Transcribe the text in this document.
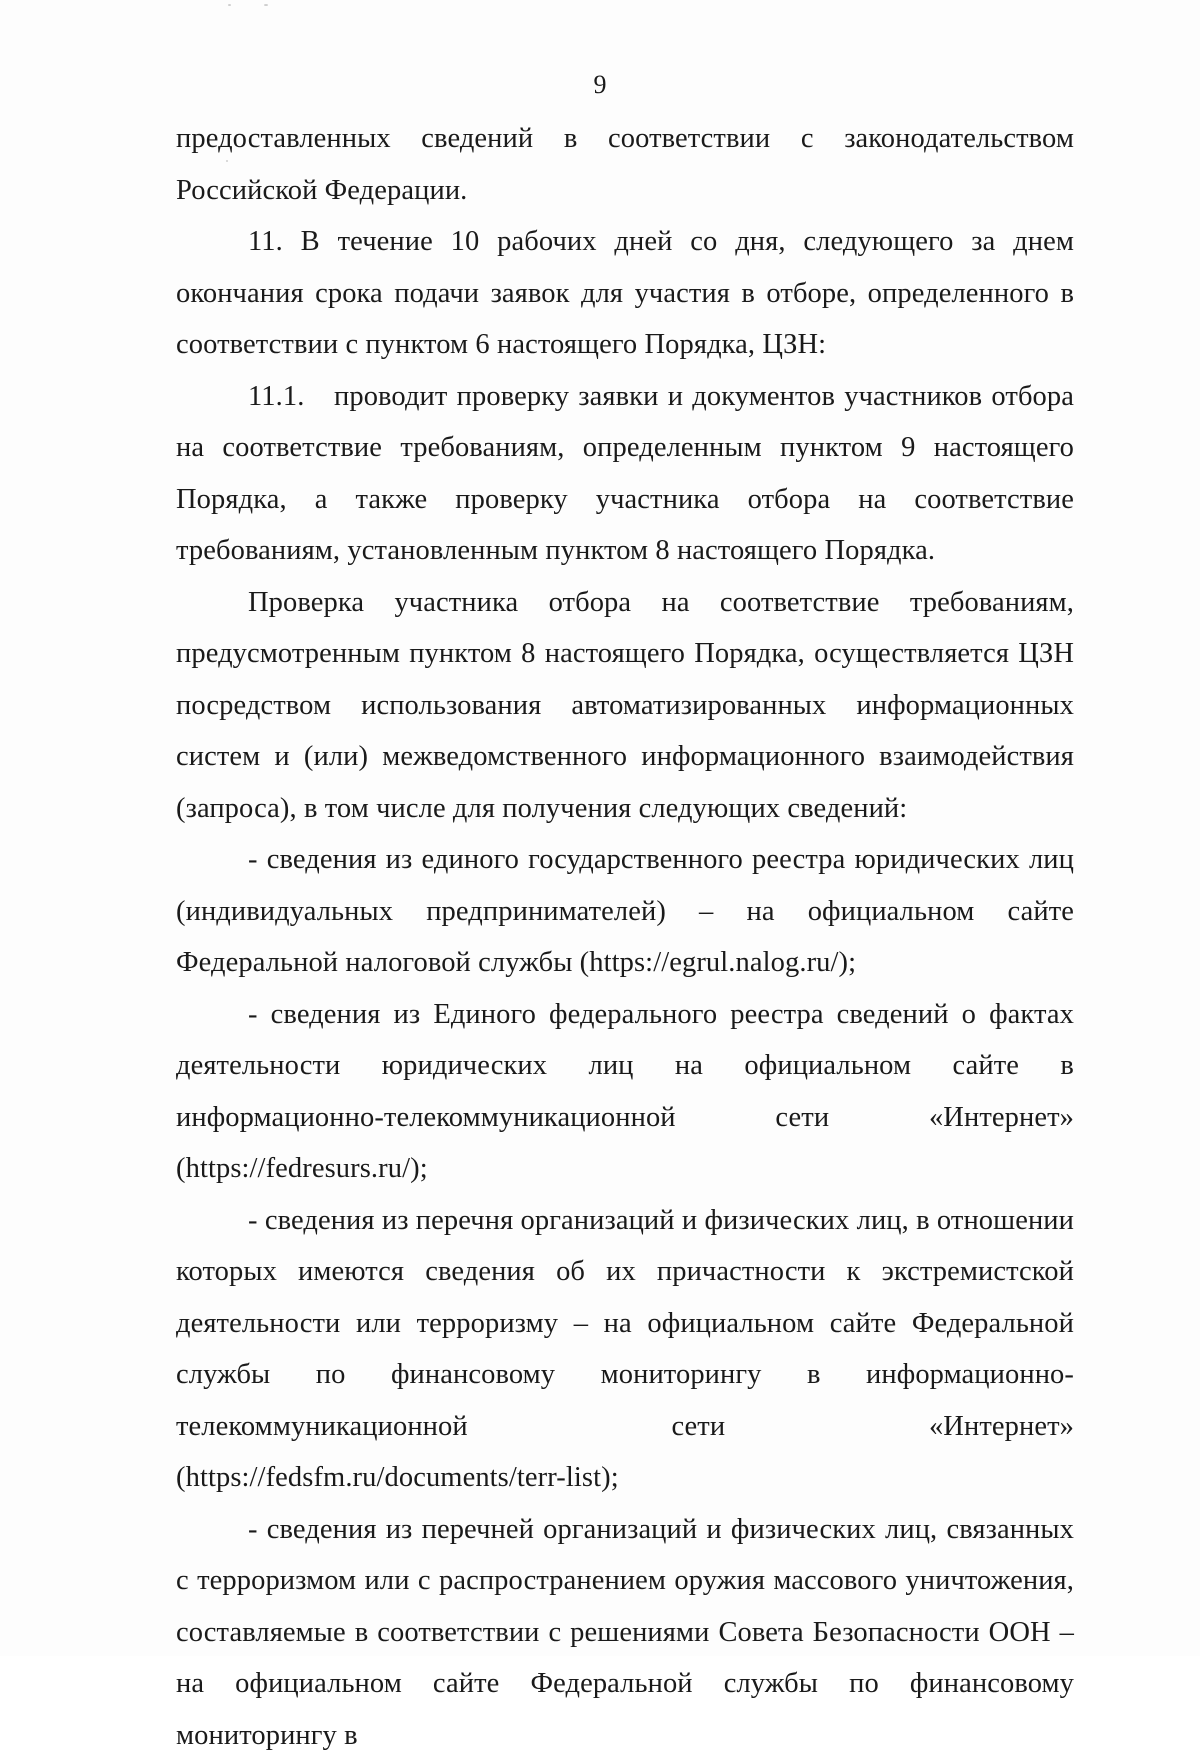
9

предоставленных сведений в соответствии с законодательством Российской Федерации.

11. В течение 10 рабочих дней со дня, следующего за днем окончания срока подачи заявок для участия в отборе, определенного в соответствии с пунктом 6 настоящего Порядка, ЦЗН:

11.1. проводит проверку заявки и документов участников отбора на соответствие требованиям, определенным пунктом 9 настоящего Порядка, а также проверку участника отбора на соответствие требованиям, установленным пунктом 8 настоящего Порядка.

Проверка участника отбора на соответствие требованиям, предусмотренным пунктом 8 настоящего Порядка, осуществляется ЦЗН посредством использования автоматизированных информационных систем и (или) межведомственного информационного взаимодействия (запроса), в том числе для получения следующих сведений:

- сведения из единого государственного реестра юридических лиц (индивидуальных предпринимателей) – на официальном сайте Федеральной налоговой службы (https://egrul.nalog.ru/);

- сведения из Единого федерального реестра сведений о фактах деятельности юридических лиц на официальном сайте в информационно-телекоммуникационной сети «Интернет» (https://fedresurs.ru/);

- сведения из перечня организаций и физических лиц, в отношении которых имеются сведения об их причастности к экстремистской деятельности или терроризму – на официальном сайте Федеральной службы по финансовому мониторингу в информационно-телекоммуникационной сети «Интернет» (https://fedsfm.ru/documents/terr-list);

- сведения из перечней организаций и физических лиц, связанных с терроризмом или с распространением оружия массового уничтожения, составляемые в соответствии с решениями Совета Безопасности ООН – на официальном сайте Федеральной службы по финансовому мониторингу в
